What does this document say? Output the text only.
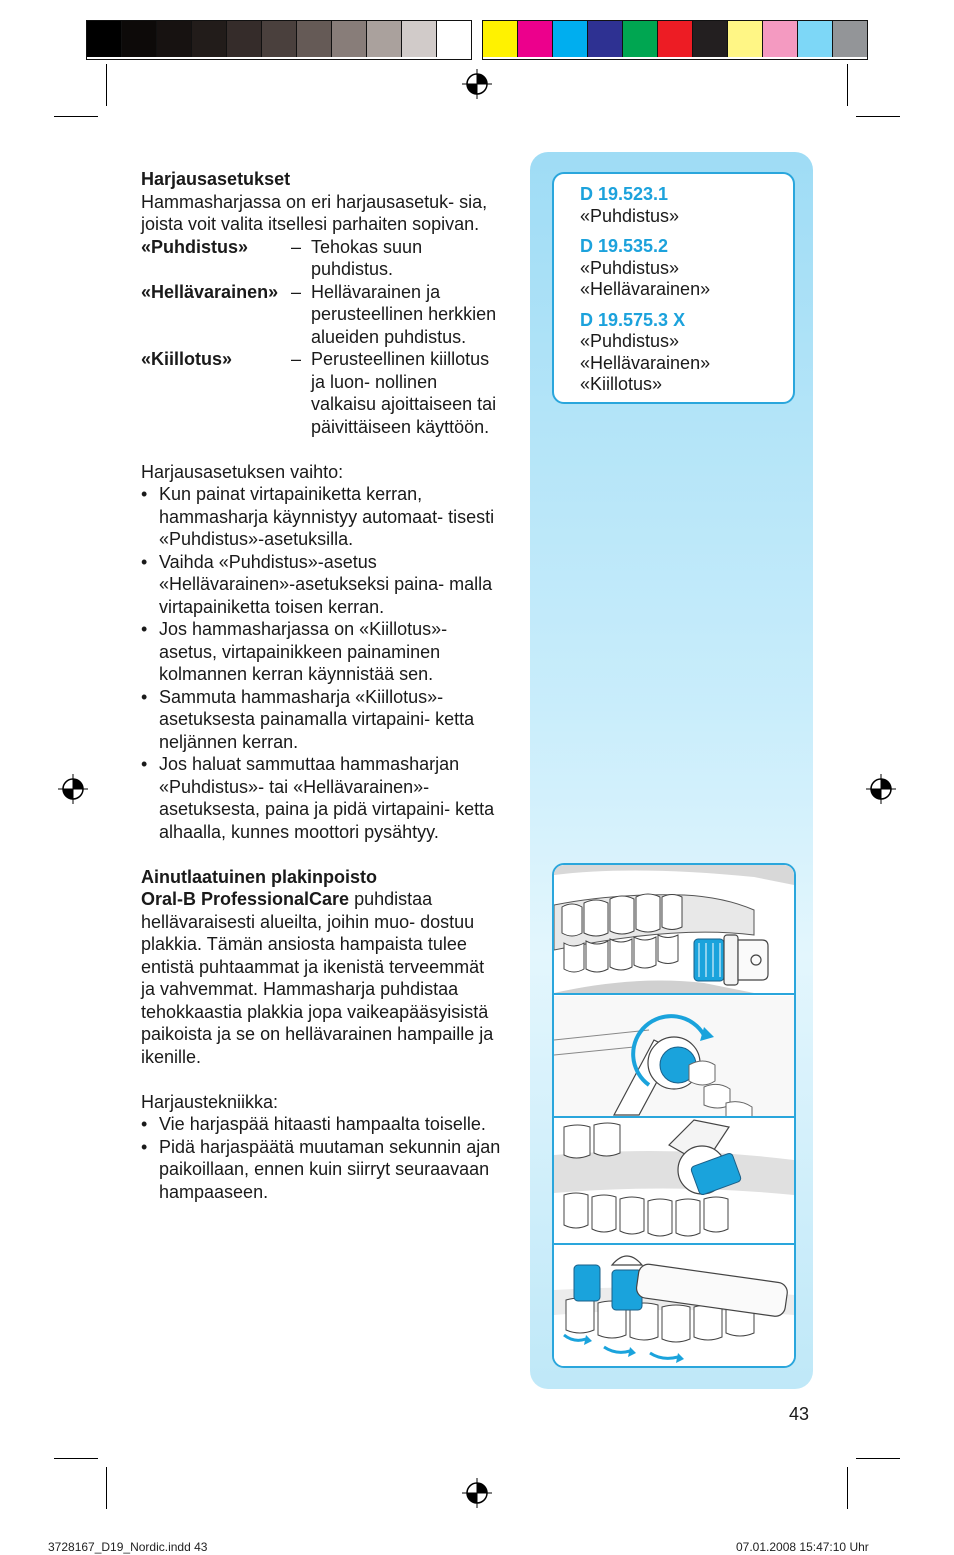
Harjausasetukset

Hammasharjassa on eri harjausasetuk- sia, joista voit valita itsellesi parhaiten sopivan.

«Puhdistus»	– Tehokas suun puhdistus.
«Hellävarainen» – Hellävarainen ja perusteellinen herkkien alueiden puhdistus.
«Kiillotus»	– Perusteellinen kiillotus ja luon- nollinen valkaisu ajoittaiseen tai päivittäiseen käyttöön.

Harjausasetuksen vaihto:

• Kun painat virtapainiketta kerran, hammasharja käynnistyy automaat- tisesti «Puhdistus»-asetuksilla.
• Vaihda «Puhdistus»-asetus «Hellävarainen»-asetukseksi paina- malla virtapainiketta toisen kerran.
• Jos hammasharjassa on «Kiillotus»- asetus, virtapainikkeen painaminen kolmannen kerran käynnistää sen.
• Sammuta hammasharja «Kiillotus»- asetuksesta painamalla virtapaini- ketta neljännen kerran.
• Jos haluat sammuttaa hammasharjan «Puhdistus»- tai «Hellävarainen»- asetuksesta, paina ja pidä virtapaini- ketta alhaalla, kunnes moottori pysähtyy.

Ainutlaatuinen plakinpoisto

Oral-B ProfessionalCare puhdistaa hellävaraisesti alueilta, joihin muo- dostuu plakkia. Tämän ansiosta hampaista tulee entistä puhtaammat ja ikenistä terveemmät ja vahvemmat. Hammasharja puhdistaa tehokkaastia plakkia jopa vaikeapääsyisistä paikoista ja se on hellävarainen hampaille ja ikenille.

Harjaustekniikka:

• Vie harjaspää hitaasti hampaalta toiselle.
• Pidä harjaspäätä muutaman sekunnin ajan paikoillaan, ennen kuin siirryt seuraavaan hampaaseen.
D 19.523.1
«Puhdistus»
D 19.535.2
«Puhdistus»
«Hellävarainen»
D 19.575.3 X
«Puhdistus»
«Hellävarainen»
«Kiillotus»
43
3728167_D19_Nordic.indd 43	07.01.2008 15:47:10 Uhr
